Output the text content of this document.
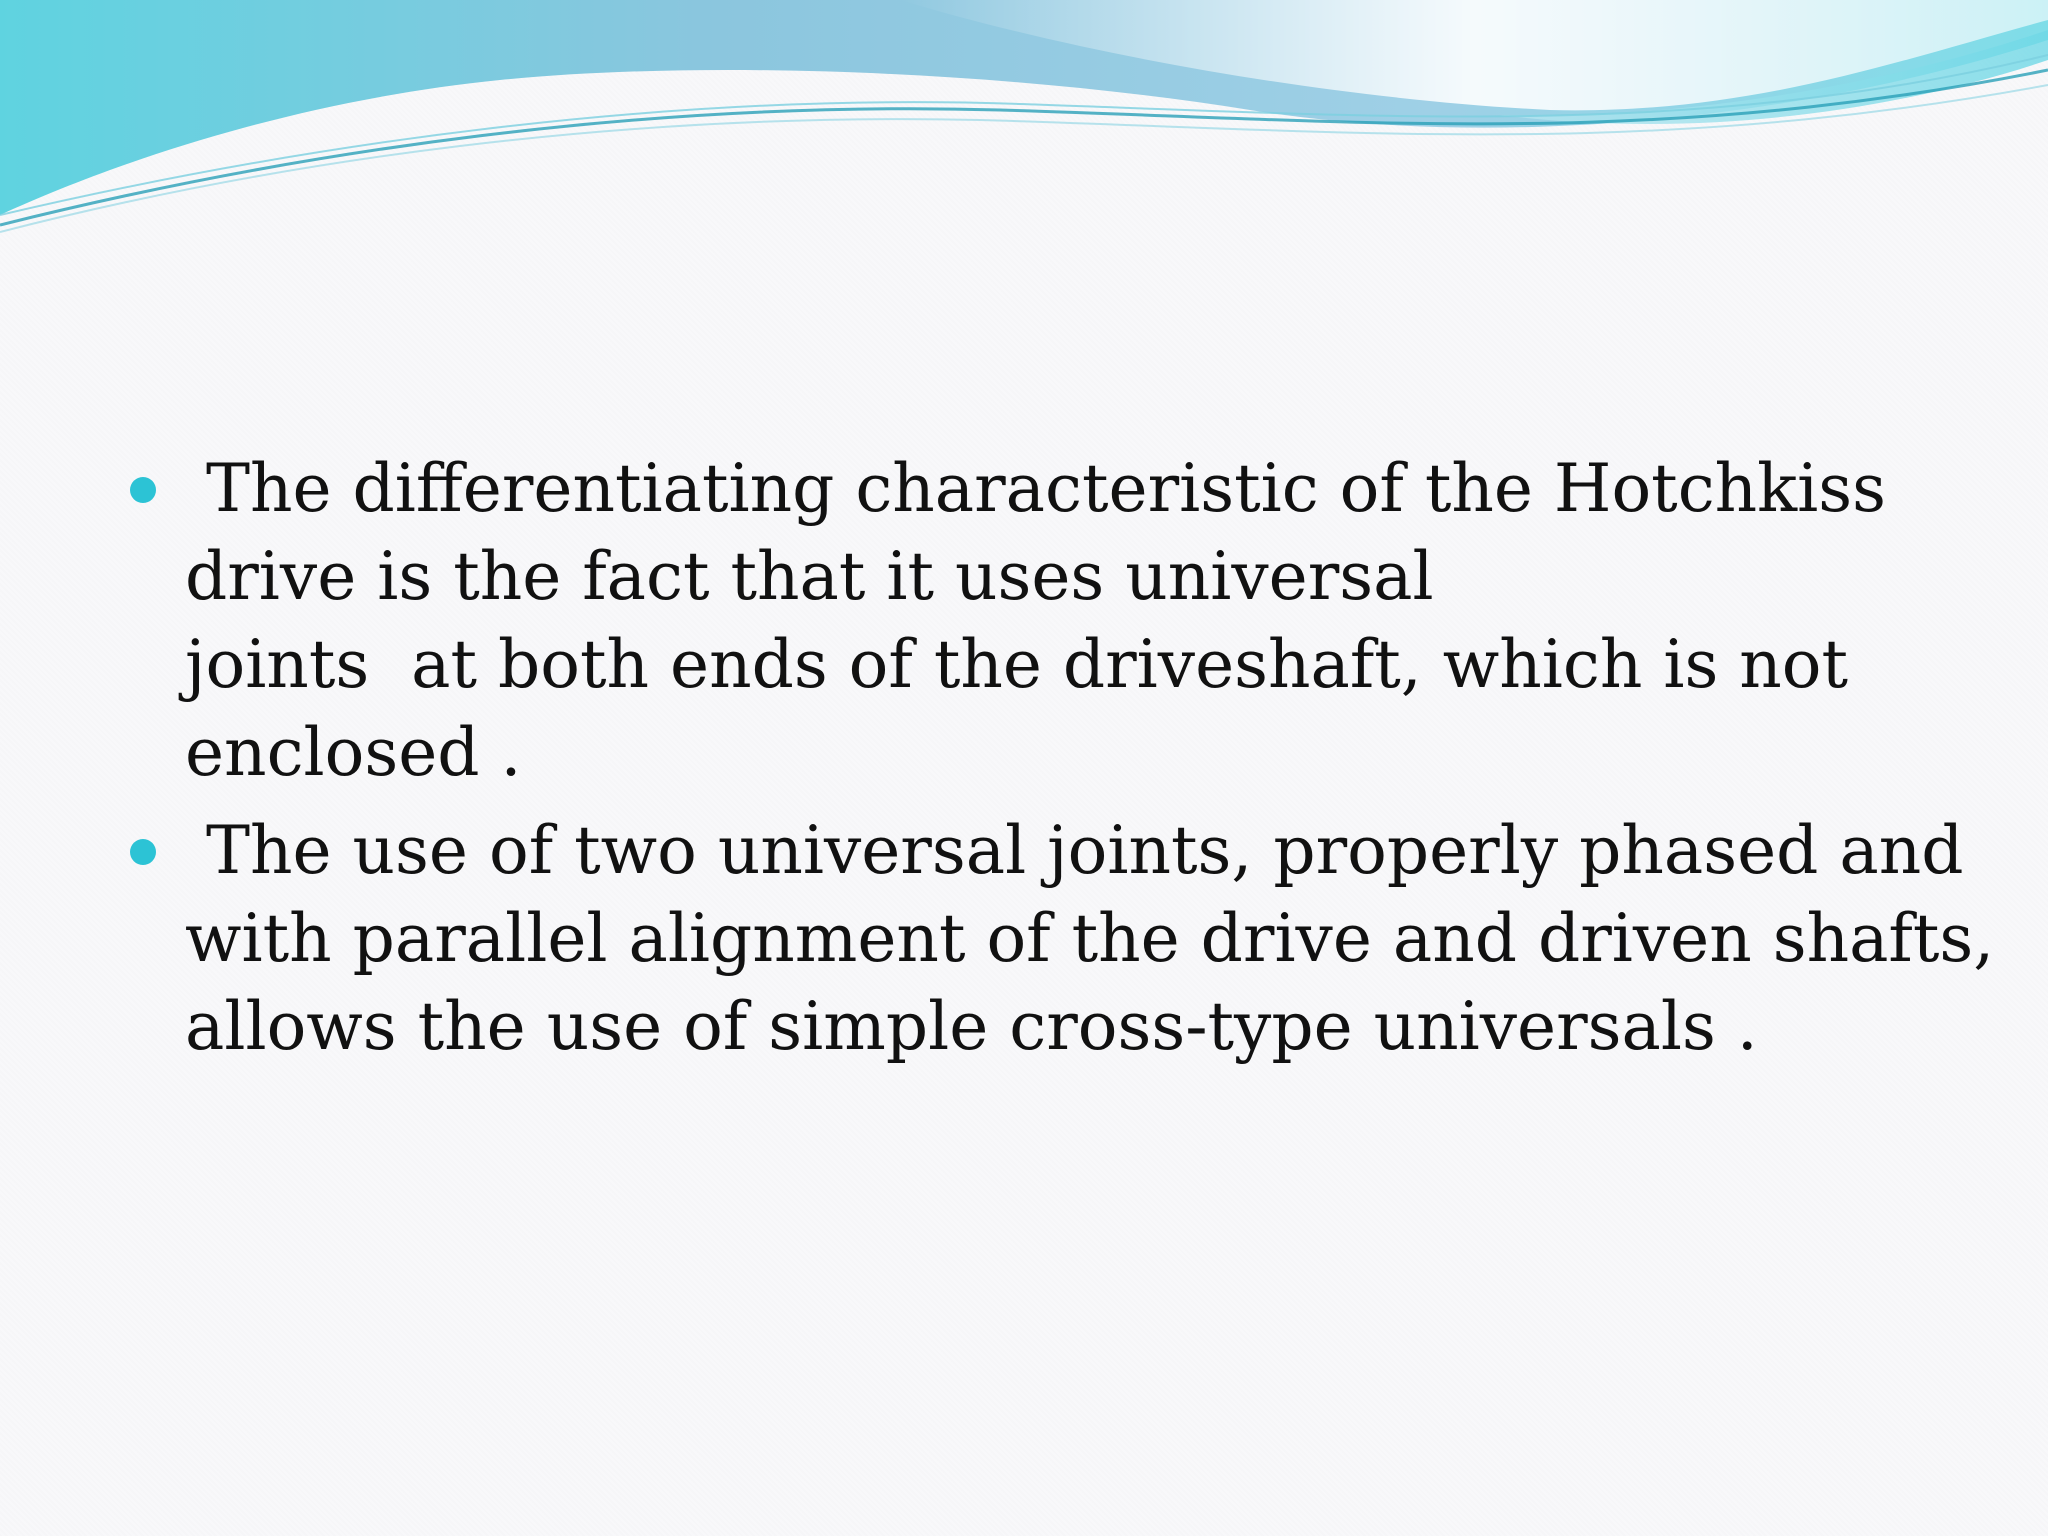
The differentiating characteristic of the Hotchkiss
drive is the fact that it uses universal
joints  at both ends of the driveshaft, which is not
enclosed .
The use of two universal joints, properly phased and
with parallel alignment of the drive and driven shafts,
allows the use of simple cross-type universals .
